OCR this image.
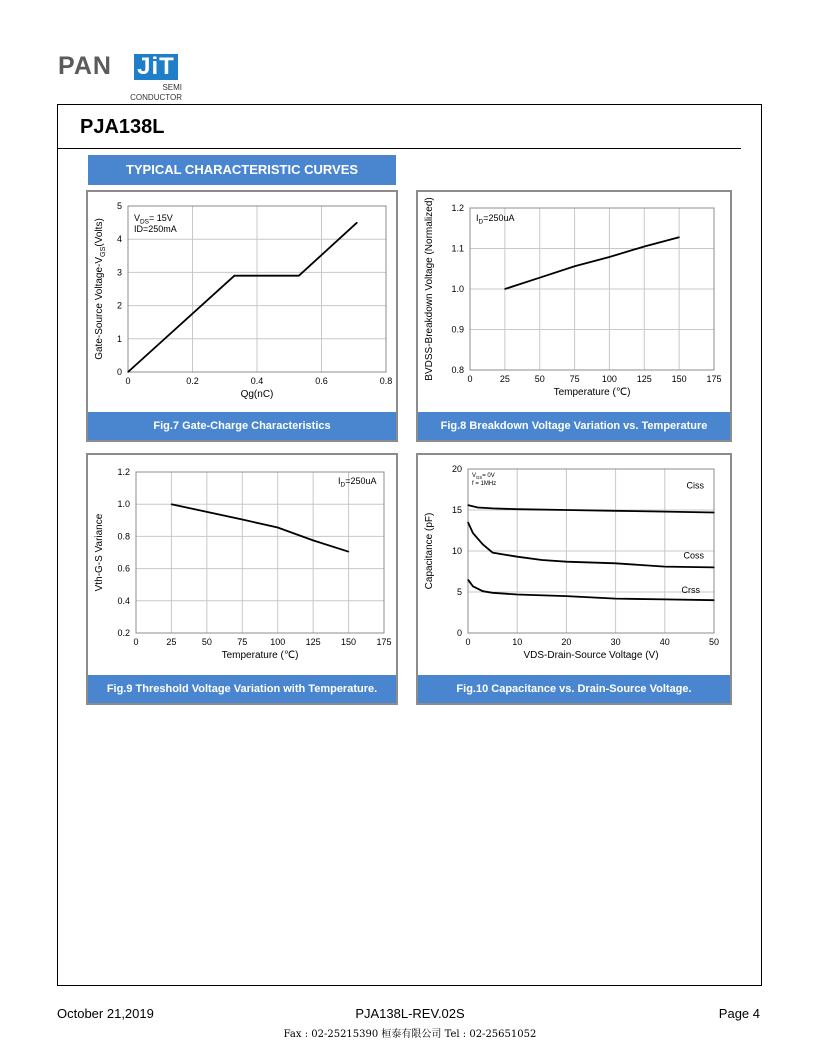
PAN JiT
SEMI
CONDUCTOR
PJA138L
TYPICAL CHARACTERISTIC CURVES
0	0.2	0.4	0.6	0.8
0
1
2
3
4
5
Qg(nC)
Gate-Source Voltage-$V_{GS}(Volts)$
$V_{DS}= 15V$
ID=250mA
Fig.7 Gate-Charge Characteristics
0	25	50	75 100 125 150 175
0.8
0.9
1.0
1.1
1.2
Temperature (℃)
BVDSS-Breakdown Voltage (Normalized)	$I_D=250uA$
Fig.8 Breakdown Voltage Variation vs. Temperature
0	25	50	75	100 125 150 175
0.2
0.4
0.6
0.8
1.0
1.2
Temperature (℃)
Vth-G-S Variance
$I_D=250uA$
Fig.9 Threshold Voltage Variation with Temperature.
0	10	20	30	40	50
0
5
10
15
20
VDS-Drain-Source Voltage (V)
Capacitance (pF)
$V_{GS}= 0V$
f = 1MHz	Ciss
Coss
Crss
Fig.10 Capacitance vs. Drain-Source Voltage.
October 21,2019	PJA138L-REV.02S	Page 4
Fax : 02-25215390 桓泰有限公司 Tel : 02-25651052
